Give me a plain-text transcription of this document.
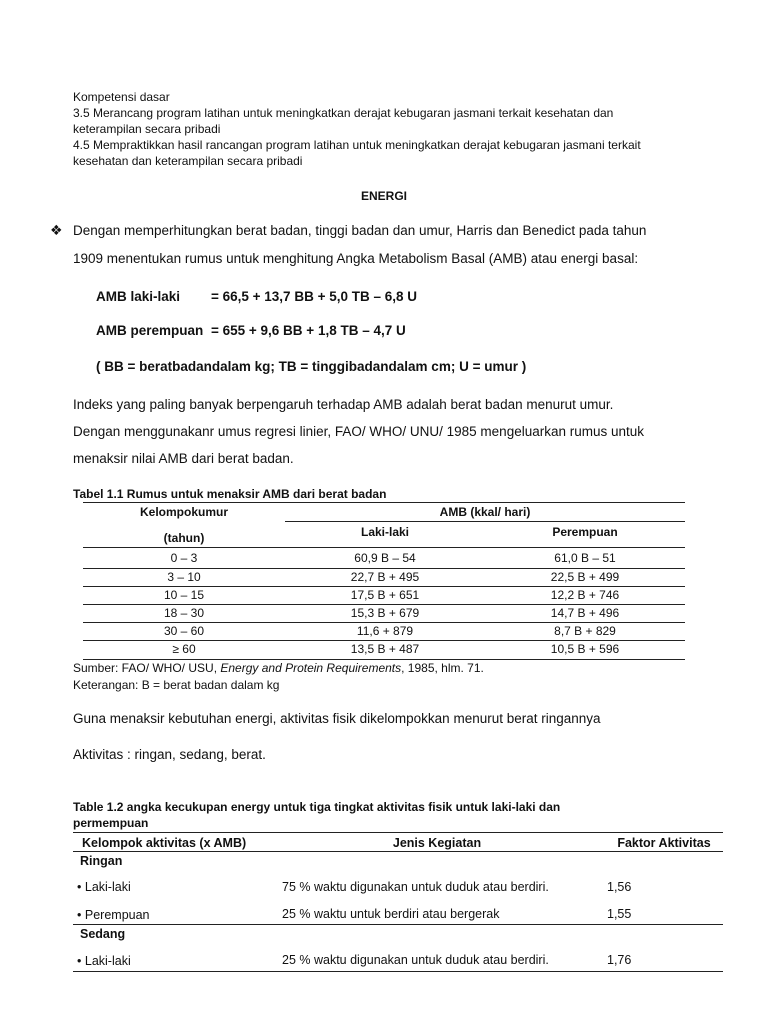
Kompetensi dasar
3.5 Merancang program latihan untuk meningkatkan derajat kebugaran jasmani terkait kesehatan dan
keterampilan secara pribadi
4.5 Mempraktikkan hasil rancangan program latihan untuk meningkatkan derajat kebugaran jasmani terkait
kesehatan dan keterampilan secara pribadi
ENERGI
❖ Dengan memperhitungkan berat badan, tinggi badan dan umur, Harris dan Benedict pada tahun
1909 menentukan rumus untuk menghitung Angka Metabolism Basal (AMB) atau energi basal:
AMB laki-laki = 66,5 + 13,7 BB + 5,0 TB – 6,8 U
AMB perempuan = 655 + 9,6 BB + 1,8 TB – 4,7 U
( BB = beratbadandalam kg; TB = tinggibadandalam cm; U = umur )
Indeks yang paling banyak berpengaruh terhadap AMB adalah berat badan menurut umur.
Dengan menggunakanr umus regresi linier, FAO/ WHO/ UNU/ 1985 mengeluarkan rumus untuk
menaksir nilai AMB dari berat badan.
Tabel 1.1 Rumus untuk menaksir AMB dari berat badan
Kelompokumur
(tahun)
AMB (kkal/ hari)
Laki-laki	Perempuan
0 – 3	60,9 B – 54	61,0 B – 51
3 – 10	22,7 B + 495	22,5 B + 499
10 – 15	17,5 B + 651	12,2 B + 746
18 – 30	15,3 B + 679	14,7 B + 496
30 – 60	11,6 + 879	8,7 B + 829
≥ 60	13,5 B + 487	10,5 B + 596
Sumber: FAO/ WHO/ USU, Energy and Protein Requirements, 1985, hlm. 71.
Keterangan: B = berat badan dalam kg
Guna menaksir kebutuhan energi, aktivitas fisik dikelompokkan menurut berat ringannya
Aktivitas : ringan, sedang, berat.
Table 1.2 angka kecukupan energy untuk tiga tingkat aktivitas fisik untuk laki-laki dan
permempuan
Kelompok aktivitas (x AMB)	Jenis Kegiatan	Faktor Aktivitas
Ringan
• Laki-laki	75 % waktu digunakan untuk duduk atau berdiri.	1,56
• Perempuan	25 % waktu untuk berdiri atau bergerak	1,55
Sedang
• Laki-laki	25 % waktu digunakan untuk duduk atau berdiri.	1,76
